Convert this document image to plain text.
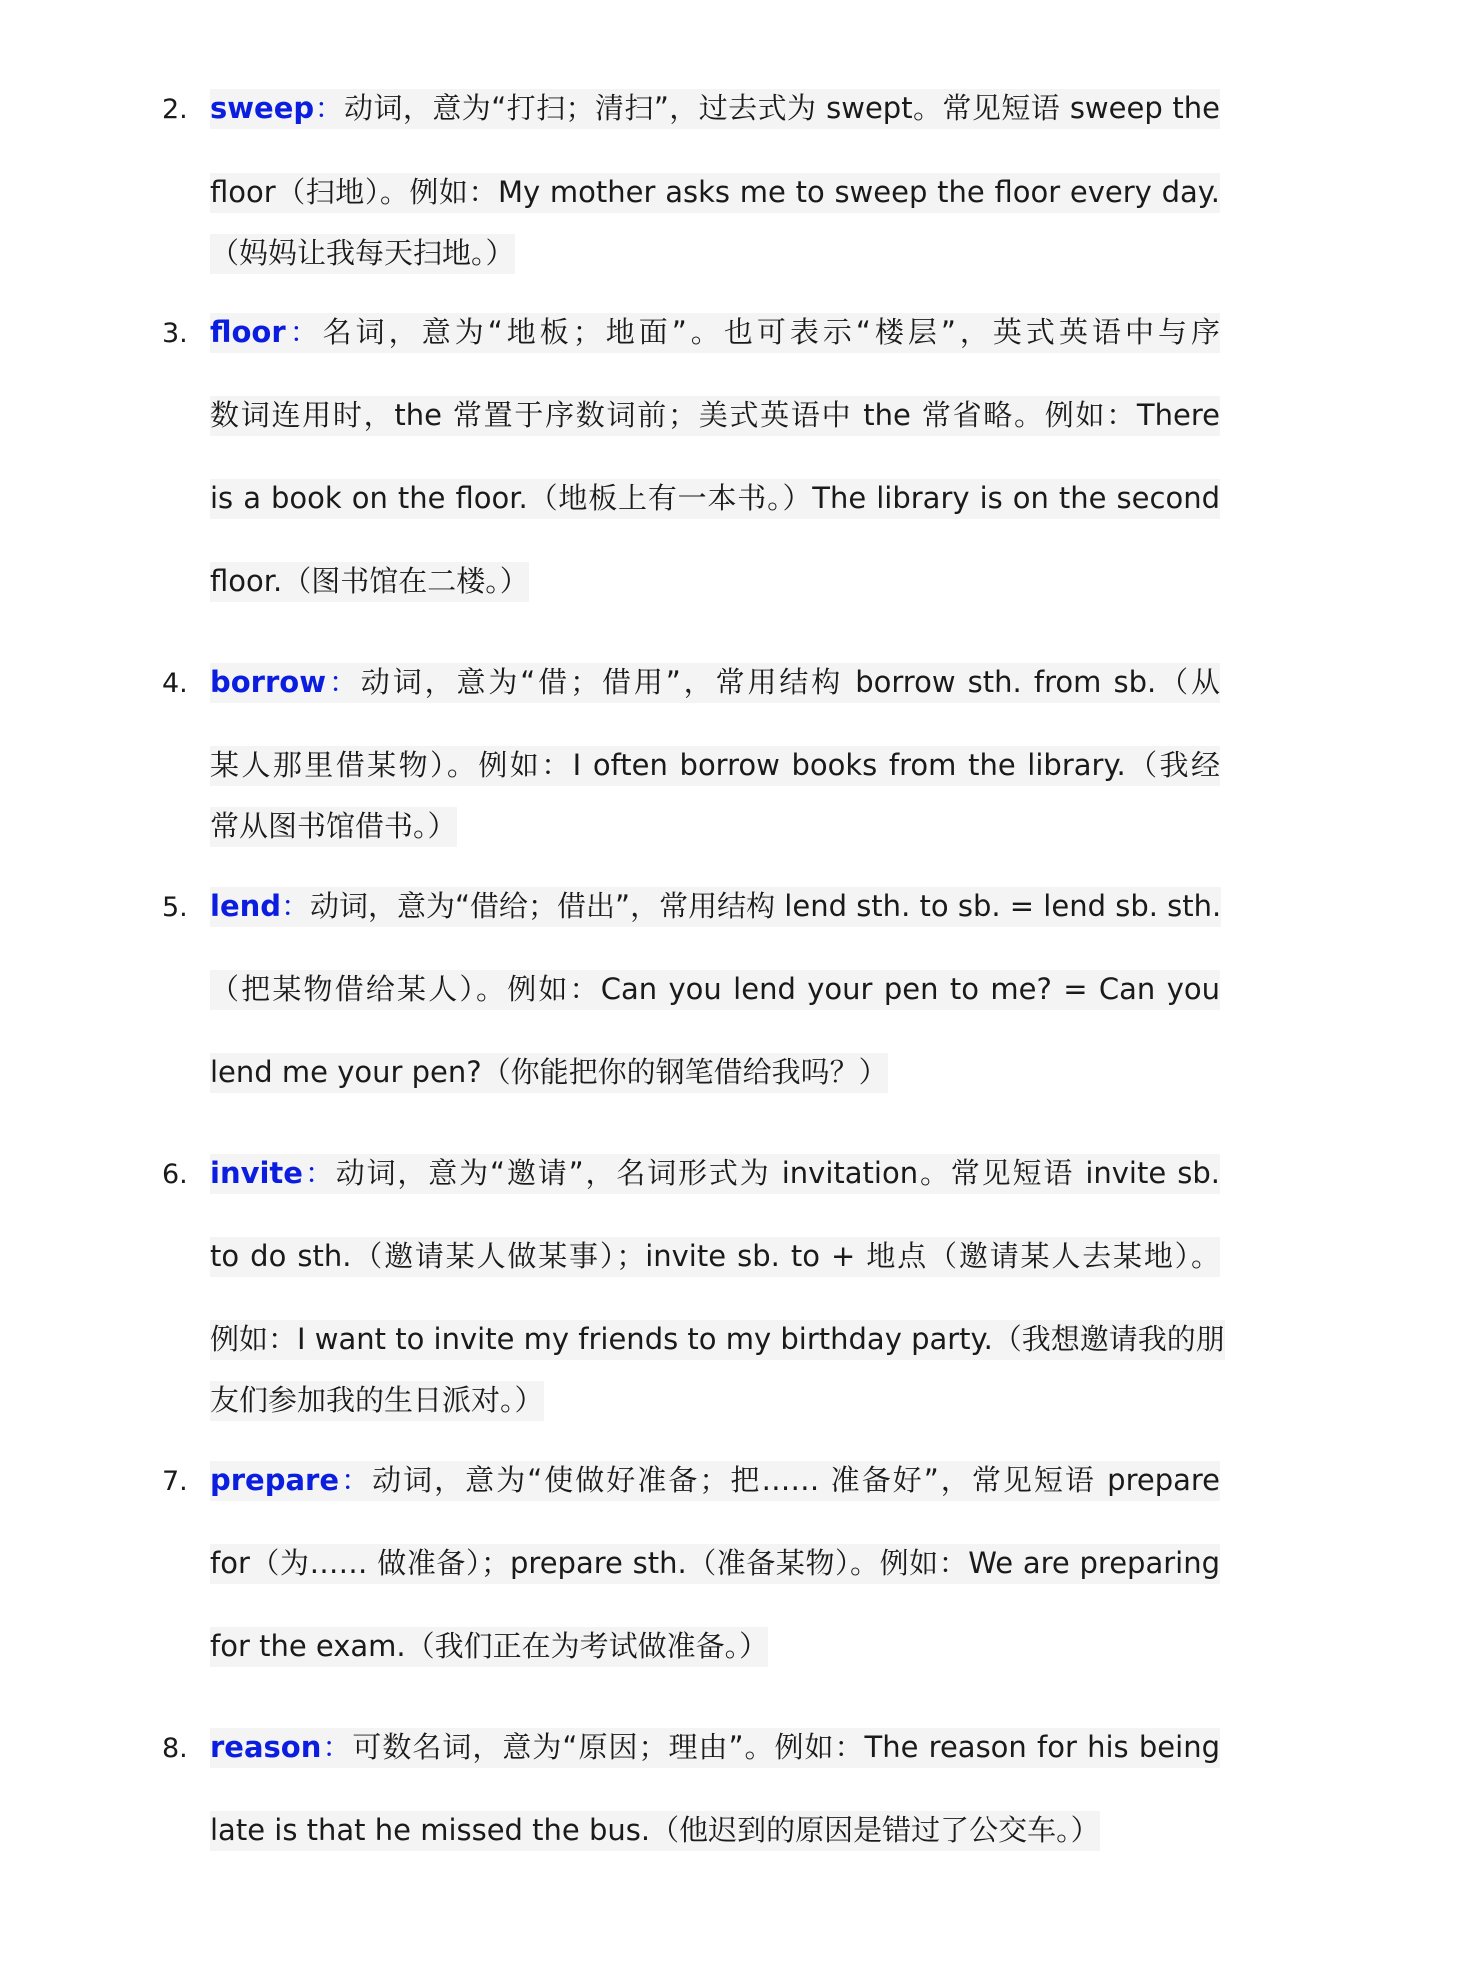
2. sweep：动词，意为“打扫；清扫”，过去式为 swept。常见短语 sweep the
floor（扫地）。例如：My mother asks me to sweep the floor every day.
（妈妈让我每天扫地。）
3. floor：名词，意为“地板；地面”。也可表示“楼层”，英式英语中与序
数词连用时，the 常置于序数词前；美式英语中 the 常省略。例如：There
is a book on the floor.（地板上有一本书。）The library is on the second
floor.（图书馆在二楼。）
4. borrow：动词，意为“借；借用”，常用结构 borrow sth. from sb.（从
某人那里借某物）。例如：I often borrow books from the library.（我经
常从图书馆借书。）
5. lend：动词，意为“借给；借出”，常用结构 lend sth. to sb. = lend sb. sth.
（把某物借给某人）。例如：Can you lend your pen to me? = Can you
lend me your pen?（你能把你的钢笔借给我吗？）
6. invite：动词，意为“邀请”，名词形式为 invitation。常见短语 invite sb.
to do sth.（邀请某人做某事）；invite sb. to + 地点（邀请某人去某地）。
例如：I want to invite my friends to my birthday party.（我想邀请我的朋
友们参加我的生日派对。）
7. prepare：动词，意为“使做好准备；把…… 准备好”，常见短语 prepare
for（为…… 做准备）；prepare sth.（准备某物）。例如：We are preparing
for the exam.（我们正在为考试做准备。）
8. reason：可数名词，意为“原因；理由”。例如：The reason for his being
late is that he missed the bus.（他迟到的原因是错过了公交车。）
